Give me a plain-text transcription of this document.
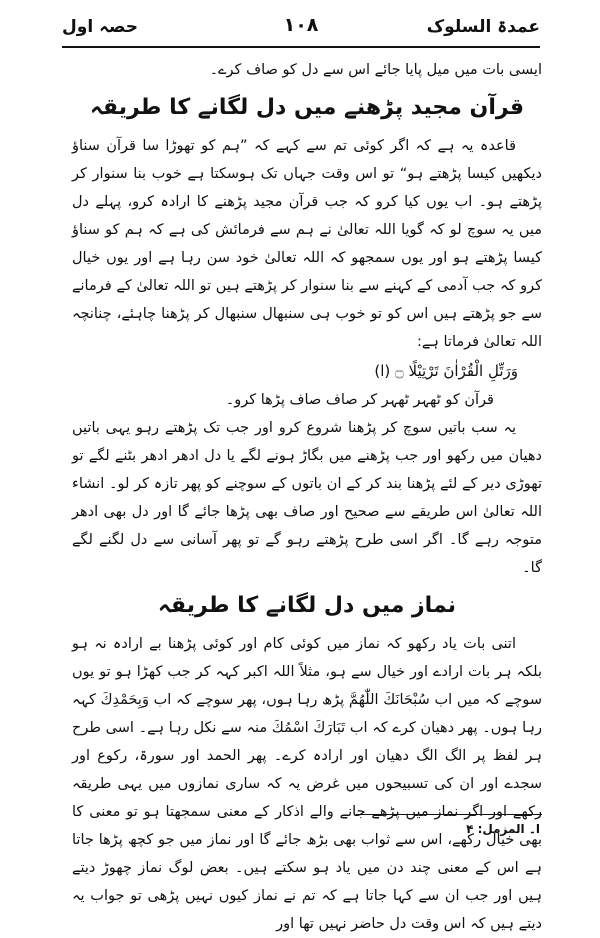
حصہ اول	۱۰۸	عمدۃ السلوک

ایسی بات میں میل پایا جائے اس سے دل کو صاف کرے۔

قرآن مجید پڑھنے میں دل لگانے کا طریقہ

قاعدہ یہ ہے کہ اگر کوئی تم سے کہے کہ ”ہم کو تھوڑا سا قرآن سناؤ دیکھیں کیسا پڑھتے ہو“ تو اس وقت جہاں تک ہوسکتا ہے خوب بنا سنوار کر پڑھتے ہو۔ اب یوں کیا کرو کہ جب قرآن مجید پڑھنے کا ارادہ کرو، پہلے دل میں یہ سوچ لو کہ گویا اللہ تعالیٰ نے ہم سے فرمائش کی ہے کہ ہم کو سناؤ کیسا پڑھتے ہو اور یوں سمجھو کہ اللہ تعالیٰ خود سن رہا ہے اور یوں خیال کرو کہ جب آدمی کے کہنے سے بنا سنوار کر پڑھتے ہیں تو اللہ تعالیٰ کے فرمانے سے جو پڑھتے ہیں اس کو تو خوب ہی سنبھال سنبھال کر پڑھنا چاہئے، چنانچہ اللہ تعالیٰ فرماتا ہے:

وَرَتِّلِ الْقُرْاٰنَ تَرْتِيْلًا ۝ (ا)

قرآن کو ٹھہر ٹھہر کر صاف صاف پڑھا کرو۔

یہ سب باتیں سوچ کر پڑھنا شروع کرو اور جب تک پڑھتے رہو یہی باتیں دھیان میں رکھو اور جب پڑھنے میں بگاڑ ہونے لگے یا دل ادھر ادھر بٹنے لگے تو تھوڑی دیر کے لئے پڑھنا بند کر کے ان باتوں کے سوچنے کو پھر تازہ کر لو۔ انشاء اللہ تعالیٰ اس طریقے سے صحیح اور صاف بھی پڑھا جائے گا اور دل بھی ادھر متوجہ رہے گا۔ اگر اسی طرح پڑھتے رہو گے تو پھر آسانی سے دل لگنے لگے گا۔

نماز میں دل لگانے کا طریقہ

اتنی بات یاد رکھو کہ نماز میں کوئی کام اور کوئی پڑھنا بے ارادہ نہ ہو بلکہ ہر بات ارادے اور خیال سے ہو، مثلاً اللہ اکبر کہہ کر جب کھڑا ہو تو یوں سوچے کہ میں اب سُبْحَانَكَ اللّٰهُمَّ پڑھ رہا ہوں، پھر سوچے کہ اب وَبِحَمْدِكَ کہہ رہا ہوں۔ پھر دھیان کرے کہ اب تَبَارَكَ اسْمُكَ منہ سے نکل رہا ہے۔ اسی طرح ہر لفظ پر الگ الگ دھیان اور ارادہ کرے۔ پھر الحمد اور سورۃ، رکوع اور سجدے اور ان کی تسبیحوں میں غرض یہ کہ ساری نمازوں میں یہی طریقہ رکھے اور اگر نماز میں پڑھے جانے والے اذکار کے معنی سمجھتا ہو تو معنی کا بھی خیال رکھے، اس سے ثواب بھی بڑھ جائے گا اور نماز میں جو کچھ پڑھا جاتا ہے اس کے معنی چند دن میں یاد ہو سکتے ہیں۔ بعض لوگ نماز چھوڑ دیتے ہیں اور جب ان سے کہا جاتا ہے کہ تم نے نماز کیوں نہیں پڑھی تو جواب یہ دیتے ہیں کہ اس وقت دل حاضر نہیں تھا اور

ا۔ المزمل: ۴
